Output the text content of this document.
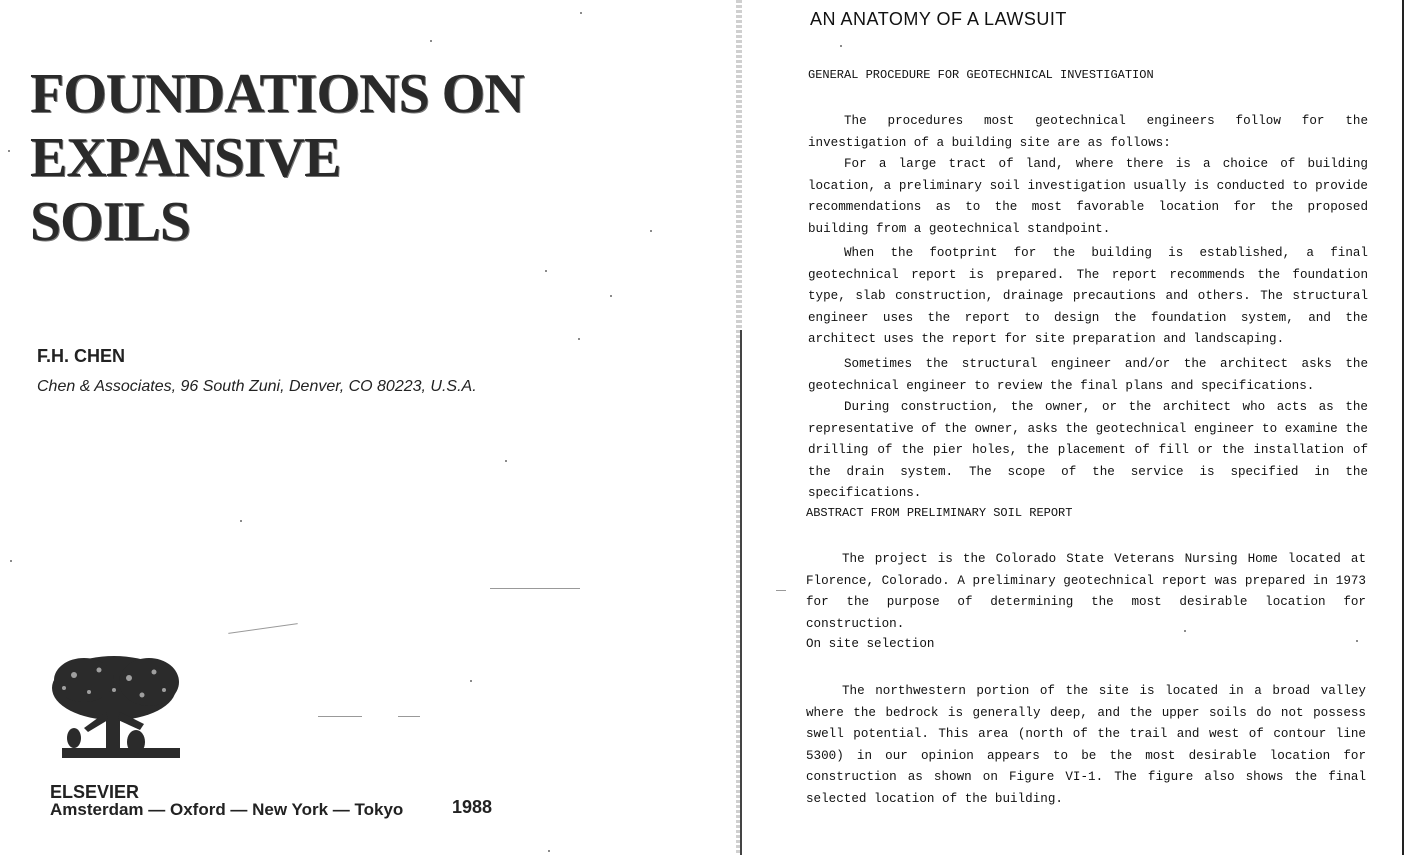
FOUNDATIONS ON
EXPANSIVE
SOILS
F.H. CHEN
Chen & Associates, 96 South Zuni, Denver, CO 80223, U.S.A.
ELSEVIER
Amsterdam — Oxford — New York — Tokyo	1988
AN ANATOMY OF A LAWSUIT
GENERAL PROCEDURE FOR GEOTECHNICAL INVESTIGATION

The procedures most geotechnical engineers follow for the investigation of a building site are as follows:

For a large tract of land, where there is a choice of building location, a preliminary soil investigation usually is conducted to provide recommendations as to the most favorable location for the proposed building from a geotechnical standpoint.

When the footprint for the building is established, a final geotechnical report is prepared. The report recommends the foundation type, slab construction, drainage precautions and others. The structural engineer uses the report to design the foundation system, and the architect uses the report for site preparation and landscaping.

Sometimes the structural engineer and/or the architect asks the geotechnical engineer to review the final plans and specifications.

During construction, the owner, or the architect who acts as the representative of the owner, asks the geotechnical engineer to examine the drilling of the pier holes, the placement of fill or the installation of the drain system. The scope of the service is specified in the specifications.

ABSTRACT FROM PRELIMINARY SOIL REPORT

The project is the Colorado State Veterans Nursing Home located at Florence, Colorado. A preliminary geotechnical report was prepared in 1973 for the purpose of determining the most desirable location for construction.

On site selection

The northwestern portion of the site is located in a broad valley where the bedrock is generally deep, and the upper soils do not possess swell potential. This area (north of the trail and west of contour line 5300) in our opinion appears to be the most desirable location for construction as shown on Figure VI-1. The figure also shows the final selected location of the building.
